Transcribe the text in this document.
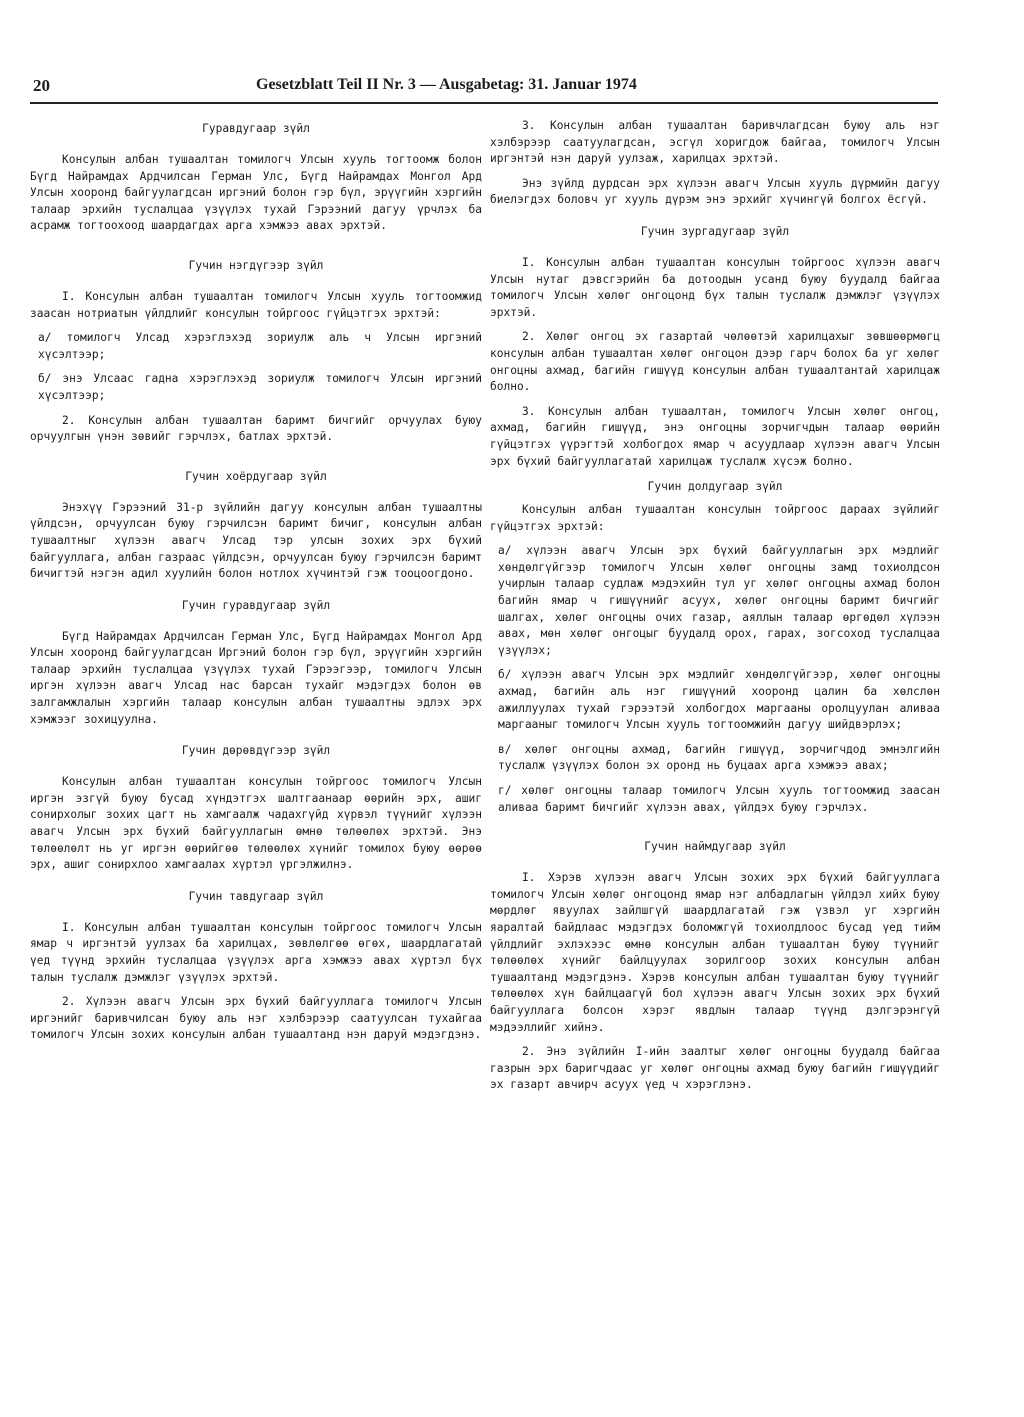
20	Gesetzblatt Teil II Nr. 3 — Ausgabetag: 31. Januar 1974
Гуравдугаар зүйл
Консулын албан тушаалтан томилогч Улсын хууль тогтоомж болон Бүгд Найрамдах Ардчилсан Герман Улс, Бүгд Найрамдах Монгол Ард Улсын хооронд байгуулагдсан иргэний болон гэр бүл, эрүүгийн хэргийн талаар эрхийн туслалцаа үзүүлэх тухай Гэрээний дагуу үрчлэх ба асрамж тогтоохоод шаардагдах арга хэмжээ авах эрхтэй.
Гучин нэгдүгээр зүйл
I. Консулын албан тушаалтан томилогч Улсын хууль тогтоомжид заасан нотриатын үйлдлийг консулын тойргоос гүйцэтгэх эрхтэй:
а/ томилогч Улсад хэрэглэхэд зориулж аль ч Улсын иргэний хүсэлтээр;
б/ энэ Улсаас гадна хэрэглэхэд зориулж томилогч Улсын иргэний хүсэлтээр;
2. Консулын албан тушаалтан баримт бичгийг орчуулах буюу орчуулгын үнэн зөвийг гэрчлэх, батлах эрхтэй.
Гучин хоёрдугаар зүйл
Энэхүү Гэрээний 31-р зүйлийн дагуу консулын албан тушаалтны үйлдсэн, орчуулсан буюу гэрчилсэн баримт бичиг, консулын албан тушаалтныг хүлээн авагч Улсад тэр улсын зохих эрх бүхий байгууллага, албан газраас үйлдсэн, орчуулсан буюу гэрчилсэн баримт бичигтэй нэгэн адил хуулийн болон нотлох хүчинтэй гэж тооцоогдоно.
Гучин гуравдугаар зүйл
Бүгд Найрамдах Ардчилсан Герман Улс, Бүгд Найрамдах Монгол Ард Улсын хооронд байгуулагдсан Иргэний болон гэр бүл, эрүүгийн хэргийн талаар эрхийн туслалцаа үзүүлэх тухай Гэрээгээр, томилогч Улсын иргэн хүлээн авагч Улсад нас барсан тухайг мэдэгдэх болон өв залгамжлалын хэргийн талаар консулын албан тушаалтны эдлэх эрх хэмжээг зохицуулна.
Гучин дөрөвдүгээр зүйл
Консулын албан тушаалтан консулын тойргоос томилогч Улсын иргэн эзгүй буюу бусад хүндэтгэх шалтгаанаар өөрийн эрх, ашиг сонирхолыг зохих цагт нь хамгаалж чадахгүйд хүрвэл түүнийг хүлээн авагч Улсын эрх бүхий байгууллагын өмнө төлөөлөх эрхтэй. Энэ төлөөлөлт нь уг иргэн өөрийгөө төлөөлөх хүнийг томилох буюу өөрөө эрх, ашиг сонирхлоо хамгаалах хүртэл үргэлжилнэ.
Гучин тавдугаар зүйл
I. Консулын албан тушаалтан консулын тойргоос томилогч Улсын ямар ч иргэнтэй уулзах ба харилцах, зөвлөлгөө өгөх, шаардлагатай үед түүнд эрхийн туслалцаа үзүүлэх арга хэмжээ авах хүртэл бүх талын туслалж дэмжлэг үзүүлэх эрхтэй.
2. Хүлээн авагч Улсын эрх бүхий байгууллага томилогч Улсын иргэнийг баривчилсан буюу аль нэг хэлбэрээр саатуулсан тухайгаа томилогч Улсын зохих консулын албан тушаалтанд нэн даруй мэдэгдэнэ.
3. Консулын албан тушаалтан баривчлагдсан буюу аль нэг хэлбэрээр саатуулагдсан, эсгүл хоригдож байгаа, томилогч Улсын иргэнтэй нэн даруй уулзаж, харилцах эрхтэй.
Энэ зүйлд дурдсан эрх хүлээн авагч Улсын хууль дүрмийн дагуу биелэгдэх боловч уг хууль дүрэм энэ эрхийг хүчингүй болгох ёсгүй.
Гучин зургадугаар зүйл
I. Консулын албан тушаалтан консулын тойргоос хүлээн авагч Улсын нутаг дэвсгэрийн ба дотоодын усанд буюу буудалд байгаа томилогч Улсын хөлөг онгоцонд бүх талын туслалж дэмжлэг үзүүлэх эрхтэй.
2. Хөлөг онгоц эх газартай чөлөөтэй харилцахыг зөвшөөрмөгц консулын албан тушаалтан хөлөг онгоцон дээр гарч болох ба уг хөлөг онгоцны ахмад, багийн гишүүд консулын албан тушаалтантай харилцаж болно.
3. Консулын албан тушаалтан, томилогч Улсын хөлөг онгоц, ахмад, багийн гишүүд, энэ онгоцны зорчигчдын талаар өөрийн гүйцэтгэх үүрэгтэй холбогдох ямар ч асуудлаар хүлээн авагч Улсын эрх бүхий байгууллагатай харилцаж туслалж хүсэж болно.
Гучин долдугаар зүйл
Консулын албан тушаалтан консулын тойргоос дараах зүйлийг гүйцэтгэх эрхтэй:
а/ хүлээн авагч Улсын эрх бүхий байгууллагын эрх мэдлийг хөндөлгүйгээр томилогч Улсын хөлөг онгоцны замд тохиолдсон учирлын талаар судлаж мэдэхийн тул уг хөлөг онгоцны ахмад болон багийн ямар ч гишүүнийг асуух, хөлөг онгоцны баримт бичгийг шалгах, хөлөг онгоцны очих газар, аяллын талаар өргөдөл хүлээн авах, мөн хөлөг онгоцыг буудалд орох, гарах, зогсоход туслалцаа үзүүлэх;
б/ хүлээн авагч Улсын эрх мэдлийг хөндөлгүйгээр, хөлөг онгоцны ахмад, багийн аль нэг гишүүний хооронд цалин ба хөлслөн ажиллуулах тухай гэрээтэй холбогдох маргааны оролцуулан аливаа маргааныг томилогч Улсын хууль тогтоомжийн дагуу шийдвэрлэх;
в/ хөлөг онгоцны ахмад, багийн гишүүд, зорчигчдод эмнэлгийн туслалж үзүүлэх болон эх оронд нь буцаах арга хэмжээ авах;
г/ хөлөг онгоцны талаар томилогч Улсын хууль тогтоомжид заасан аливаа баримт бичгийг хүлээн авах, үйлдэх буюу гэрчлэх.
Гучин наймдугаар зүйл
I. Хэрэв хүлээн авагч Улсын зохих эрх бүхий байгууллага томилогч Улсын хөлөг онгоцонд ямар нэг албадлагын үйлдэл хийх буюу мөрдлөг явуулах зайлшгүй шаардлагатай гэж үзвэл уг хэргийн яаралтай байдлаас мэдэгдэх боломжгүй тохиолдлоос бусад үед тийм үйлдлийг эхлэхээс өмнө консулын албан тушаалтан буюу түүнийг төлөөлөх хүнийг байлцуулах зорилгоор зохих консулын албан тушаалтанд мэдэгдэнэ. Хэрэв консулын албан тушаалтан буюу түүнийг төлөөлөх хүн байлцаагүй бол хүлээн авагч Улсын зохих эрх бүхий байгууллага болсон хэрэг явдлын талаар түүнд дэлгэрэнгүй мэдээллийг хийнэ.
2. Энэ зүйлийн I-ийн заалтыг хөлөг онгоцны буудалд байгаа газрын эрх баригчдаас уг хөлөг онгоцны ахмад буюу багийн гишүүдийг эх газарт авчирч асуух үед ч хэрэглэнэ.
